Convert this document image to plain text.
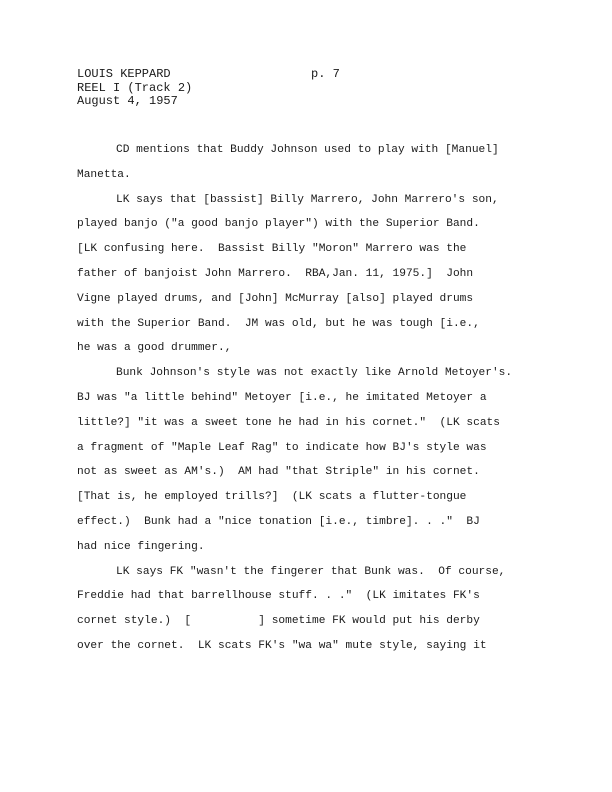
LOUIS KEPPARD
REEL I (Track 2)
August 4, 1957
p. 7
CD mentions that Buddy Johnson used to play with [Manuel]
Manetta.
LK says that [bassist] Billy Marrero, John Marrero's son,
played banjo ("a good banjo player") with the Superior Band.
[LK confusing here.  Bassist Billy "Moron" Marrero was the
father of banjoist John Marrero.  RBA,Jan. 11, 1975.]  John
Vigne played drums, and [John] McMurray [also] played drums
with the Superior Band.  JM was old, but he was tough [i.e.,
he was a good drummer.,
Bunk Johnson's style was not exactly like Arnold Metoyer's.
BJ was "a little behind" Metoyer [i.e., he imitated Metoyer a
little?] "it was a sweet tone he had in his cornet."  (LK scats
a fragment of "Maple Leaf Rag" to indicate how BJ's style was
not as sweet as AM's.)  AM had "that Striple" in his cornet.
[That is, he employed trills?]  (LK scats a flutter-tongue
effect.)  Bunk had a "nice tonation [i.e., timbre]. . ."  BJ
had nice fingering.
LK says FK "wasn't the fingerer that Bunk was.  Of course,
Freddie had that barrellhouse stuff. . ."  (LK imitates FK's
cornet style.)  [          ] sometime FK would put his derby
over the cornet.  LK scats FK's "wa wa" mute style, saying it
